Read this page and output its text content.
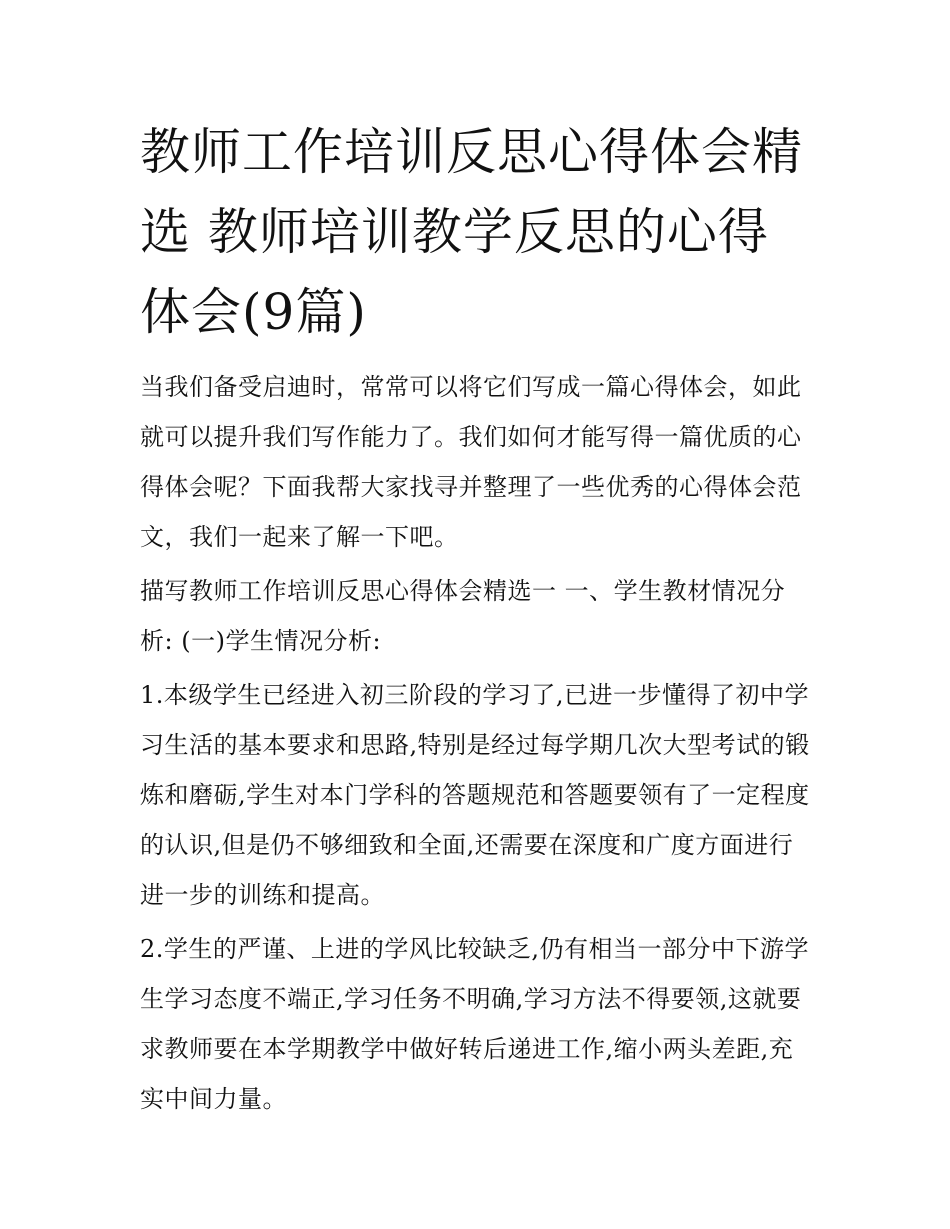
教师工作培训反思心得体会精选 教师培训教学反思的心得体会(9篇)

当我们备受启迪时，常常可以将它们写成一篇心得体会，如此就可以提升我们写作能力了。我们如何才能写得一篇优质的心得体会呢？下面我帮大家找寻并整理了一些优秀的心得体会范文，我们一起来了解一下吧。

描写教师工作培训反思心得体会精选一 一、学生教材情况分析: (一)学生情况分析:

1.本级学生已经进入初三阶段的学习了,已进一步懂得了初中学习生活的基本要求和思路,特别是经过每学期几次大型考试的锻炼和磨砺,学生对本门学科的答题规范和答题要领有了一定程度的认识,但是仍不够细致和全面,还需要在深度和广度方面进行进一步的训练和提高。

2.学生的严谨、上进的学风比较缺乏,仍有相当一部分中下游学生学习态度不端正,学习任务不明确,学习方法不得要领,这就要求教师要在本学期教学中做好转后递进工作,缩小两头差距,充实中间力量。
